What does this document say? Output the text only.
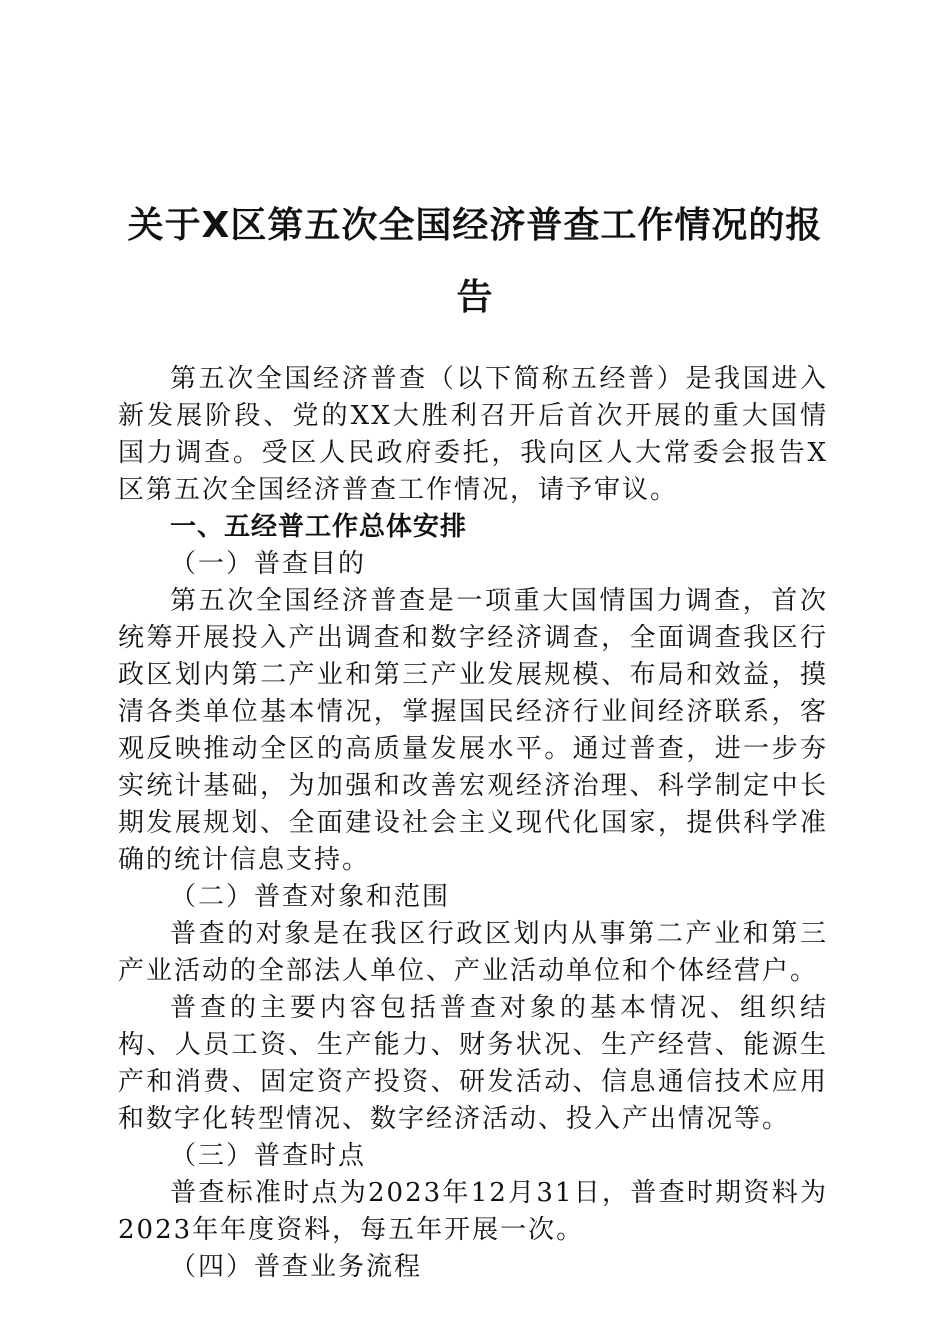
关于X区第五次全国经济普查工作情况的报
告

第五次全国经济普查（以下简称五经普）是我国进入新发展阶段、党的XX大胜利召开后首次开展的重大国情国力调查。受区人民政府委托，我向区人大常委会报告X区第五次全国经济普查工作情况，请予审议。

一、五经普工作总体安排

（一）普查目的

第五次全国经济普查是一项重大国情国力调查，首次统筹开展投入产出调查和数字经济调查，全面调查我区行政区划内第二产业和第三产业发展规模、布局和效益，摸清各类单位基本情况，掌握国民经济行业间经济联系，客观反映推动全区的高质量发展水平。通过普查，进一步夯实统计基础，为加强和改善宏观经济治理、科学制定中长期发展规划、全面建设社会主义现代化国家，提供科学准确的统计信息支持。

（二）普查对象和范围

普查的对象是在我区行政区划内从事第二产业和第三产业活动的全部法人单位、产业活动单位和个体经营户。

普查的主要内容包括普查对象的基本情况、组织结构、人员工资、生产能力、财务状况、生产经营、能源生产和消费、固定资产投资、研发活动、信息通信技术应用和数字化转型情况、数字经济活动、投入产出情况等。

（三）普查时点

普查标准时点为2023年12月31日，普查时期资料为2023年年度资料，每五年开展一次。

（四）普查业务流程
